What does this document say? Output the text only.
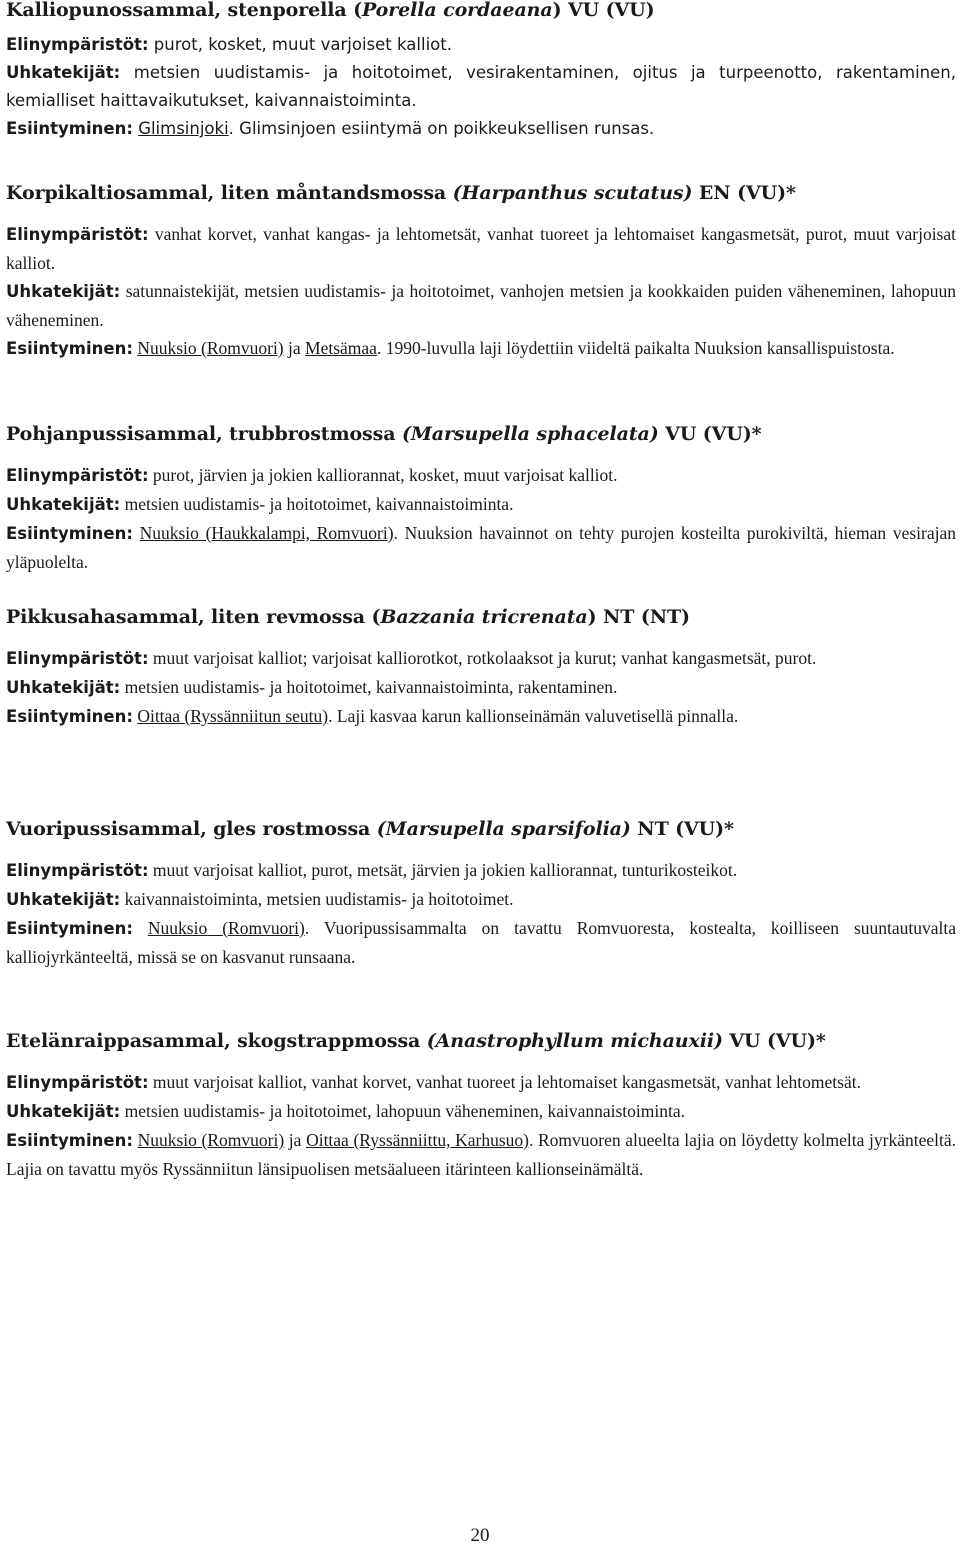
Kalliopunossammal, stenporella (Porella cordaeana) VU (VU)

Elinympäristöt: purot, kosket, muut varjoiset kalliot.

Uhkatekijät: metsien uudistamis- ja hoitotoimet, vesirakentaminen, ojitus ja turpeenotto, rakentaminen, kemialliset haittavaikutukset, kaivannaistoiminta.

Esiintyminen: Glimsinjoki. Glimsinjoen esiintymä on poikkeuksellisen runsas.

Korpikaltiosammal, liten måntandsmossa (Harpanthus scutatus) EN (VU)*

Elinympäristöt: vanhat korvet, vanhat kangas- ja lehtometsät, vanhat tuoreet ja lehtomaiset kangasmetsät, purot, muut varjoisat kalliot.

Uhkatekijät: satunnaistekijät, metsien uudistamis- ja hoitotoimet, vanhojen metsien ja kookkaiden puiden väheneminen, lahopuun väheneminen.

Esiintyminen: Nuuksio (Romvuori) ja Metsämaa. 1990-luvulla laji löydettiin viideltä paikalta Nuuksion kansallispuistosta.

Pohjanpussisammal, trubbrostmossa (Marsupella sphacelata) VU (VU)*

Elinympäristöt: purot, järvien ja jokien kalliorannat, kosket, muut varjoisat kalliot.

Uhkatekijät: metsien uudistamis- ja hoitotoimet, kaivannaistoiminta.

Esiintyminen: Nuuksio (Haukkalampi, Romvuori). Nuuksion havainnot on tehty purojen kosteilta purokiviltä, hieman vesirajan yläpuolelta.

Pikkusahasammal, liten revmossa (Bazzania tricrenata) NT (NT)

Elinympäristöt: muut varjoisat kalliot; varjoisat kalliorotkot, rotkolaaksot ja kurut; vanhat kangasmetsät, purot.

Uhkatekijät: metsien uudistamis- ja hoitotoimet, kaivannaistoiminta, rakentaminen.

Esiintyminen: Oittaa (Ryssänniitun seutu). Laji kasvaa karun kallionseinämän valuvetisellä pinnalla.

Vuoripussisammal, gles rostmossa (Marsupella sparsifolia) NT (VU)*

Elinympäristöt: muut varjoisat kalliot, purot, metsät, järvien ja jokien kalliorannat, tunturikosteikot.

Uhkatekijät: kaivannaistoiminta, metsien uudistamis- ja hoitotoimet.

Esiintyminen: Nuuksio (Romvuori). Vuoripussisammalta on tavattu Romvuoresta, kostealta, koilliseen suuntautuvalta kalliojyrkänteeltä, missä se on kasvanut runsaana.

Etelänraippasammal, skogstrappmossa (Anastrophyllum michauxii) VU (VU)*

Elinympäristöt: muut varjoisat kalliot, vanhat korvet, vanhat tuoreet ja lehtomaiset kangasmetsät, vanhat lehtometsät.

Uhkatekijät: metsien uudistamis- ja hoitotoimet, lahopuun väheneminen, kaivannaistoiminta.

Esiintyminen: Nuuksio (Romvuori) ja Oittaa (Ryssänniittu, Karhusuo). Romvuoren alueelta lajia on löydetty kolmelta jyrkänteeltä. Lajia on tavattu myös Ryssänniitun länsipuolisen metsäalueen itärinteen kallionseinämältä.

20
